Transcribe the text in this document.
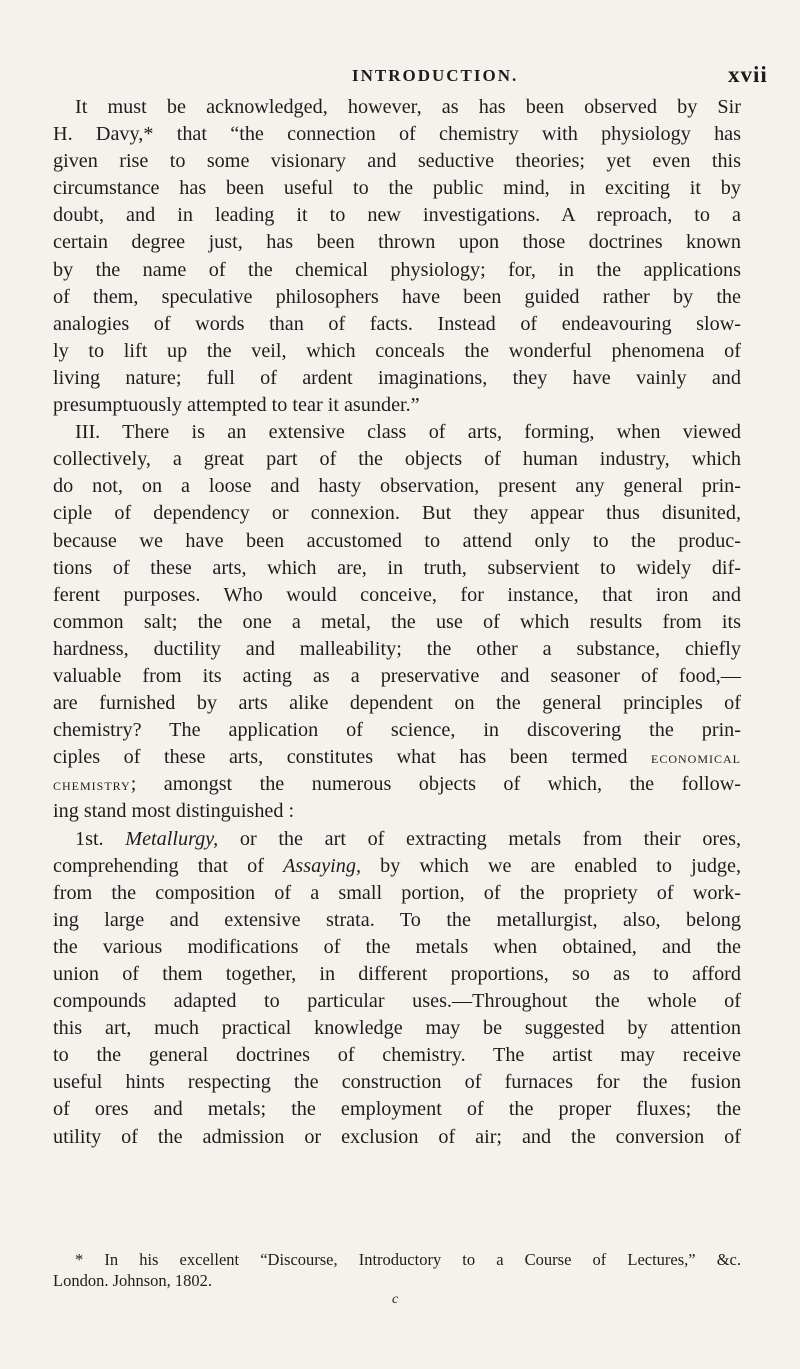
INTRODUCTION.	xvii
It must be acknowledged, however, as has been observed by Sir
H. Davy,* that “the connection of chemistry with physiology has
given rise to some visionary and seductive theories; yet even this
circumstance has been useful to the public mind, in exciting it by
doubt, and in leading it to new investigations. A reproach, to a
certain degree just, has been thrown upon those doctrines known
by the name of the chemical physiology; for, in the applications
of them, speculative philosophers have been guided rather by the
analogies of words than of facts. Instead of endeavouring slow-
ly to lift up the veil, which conceals the wonderful phenomena of
living nature; full of ardent imaginations, they have vainly and
presumptuously attempted to tear it asunder.”
III. There is an extensive class of arts, forming, when viewed
collectively, a great part of the objects of human industry, which
do not, on a loose and hasty observation, present any general prin-
ciple of dependency or connexion. But they appear thus disunited,
because we have been accustomed to attend only to the produc-
tions of these arts, which are, in truth, subservient to widely dif-
ferent purposes. Who would conceive, for instance, that iron and
common salt; the one a metal, the use of which results from its
hardness, ductility and malleability; the other a substance, chiefly
valuable from its acting as a preservative and seasoner of food,—
are furnished by arts alike dependent on the general principles of
chemistry? The application of science, in discovering the prin-
ciples of these arts, constitutes what has been termed economical
chemistry; amongst the numerous objects of which, the follow-
ing stand most distinguished :
1st. Metallurgy, or the art of extracting metals from their ores,
comprehending that of Assaying, by which we are enabled to judge,
from the composition of a small portion, of the propriety of work-
ing large and extensive strata. To the metallurgist, also, belong
the various modifications of the metals when obtained, and the
union of them together, in different proportions, so as to afford
compounds adapted to particular uses.—Throughout the whole of
this art, much practical knowledge may be suggested by attention
to the general doctrines of chemistry. The artist may receive
useful hints respecting the construction of furnaces for the fusion
of ores and metals; the employment of the proper fluxes; the
utility of the admission or exclusion of air; and the conversion of
* In his excellent “Discourse, Introductory to a Course of Lectures,” &c.
London. Johnson, 1802.
c
